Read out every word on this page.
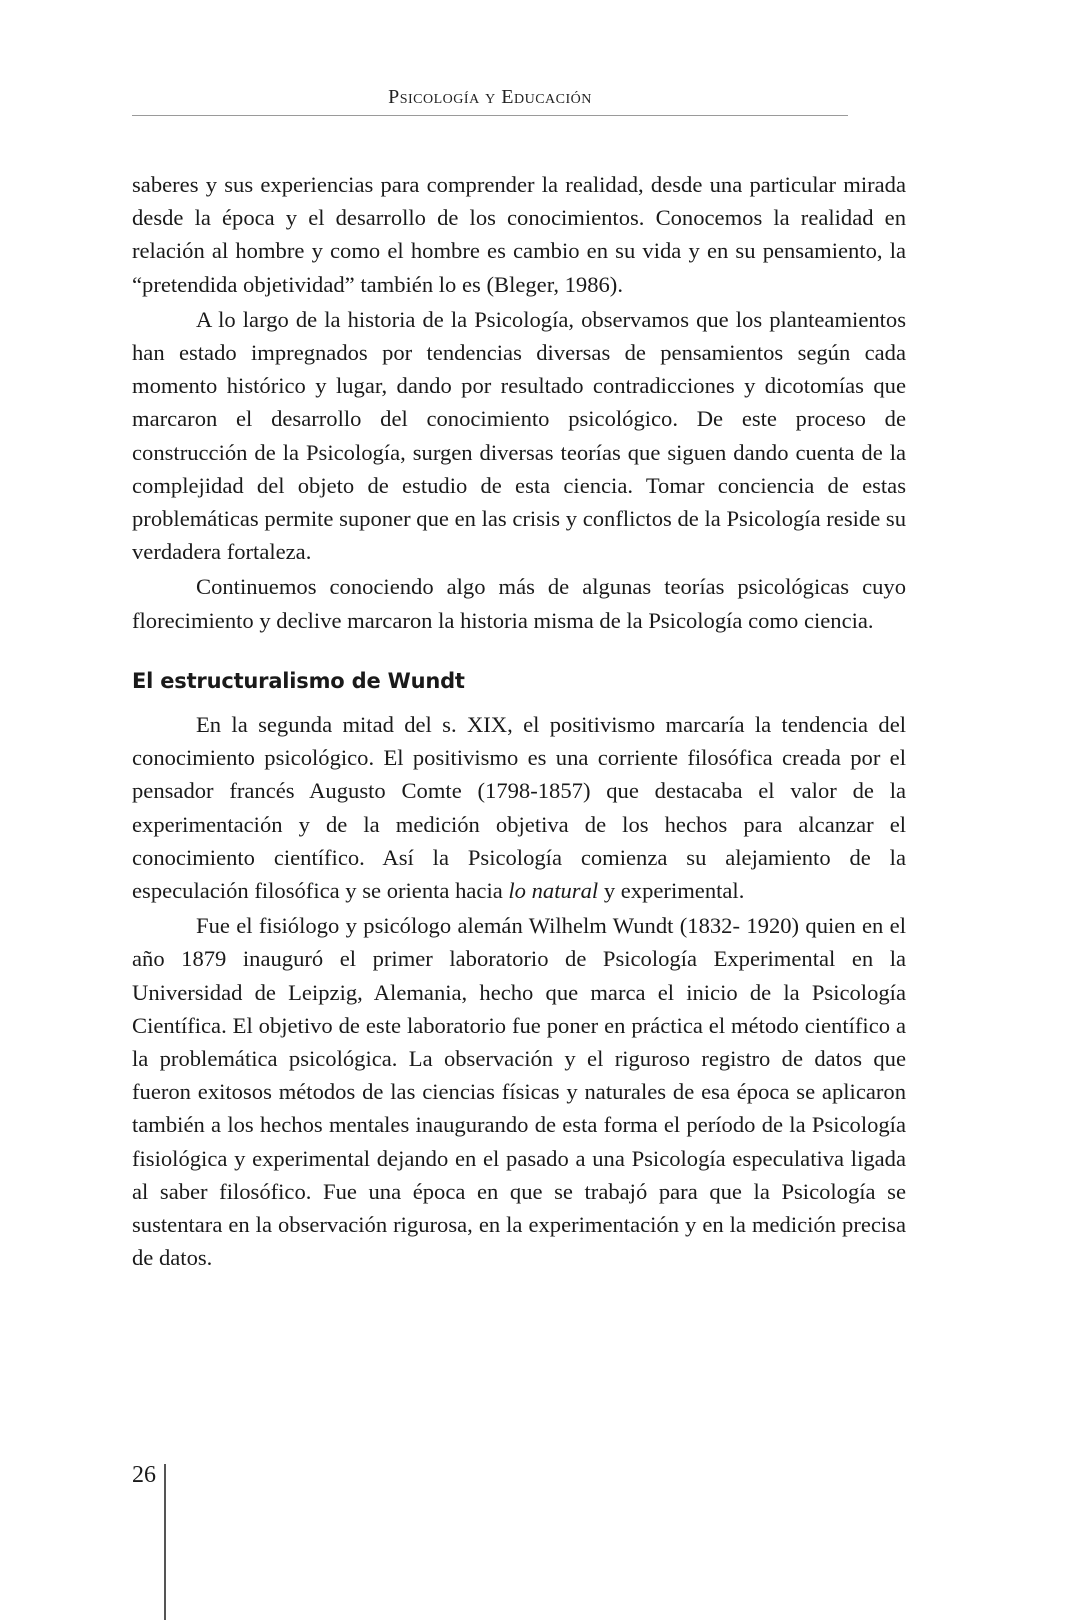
Psicología y Educación

saberes y sus experiencias para comprender la realidad, desde una particular mirada desde la época y el desarrollo de los conocimientos. Conocemos la realidad en relación al hombre y como el hombre es cambio en su vida y en su pensamiento, la “pretendida objetividad” también lo es (Bleger, 1986).

A lo largo de la historia de la Psicología, observamos que los planteamientos han estado impregnados por tendencias diversas de pensamientos según cada momento histórico y lugar, dando por resultado contradicciones y dicotomías que marcaron el desarrollo del conocimiento psicológico. De este proceso de construcción de la Psicología, surgen diversas teorías que siguen dando cuenta de la complejidad del objeto de estudio de esta ciencia. Tomar conciencia de estas problemáticas permite suponer que en las crisis y conflictos de la Psicología reside su verdadera fortaleza.

Continuemos conociendo algo más de algunas teorías psicológicas cuyo florecimiento y declive marcaron la historia misma de la Psicología como ciencia.

El estructuralismo de Wundt

En la segunda mitad del s. XIX, el positivismo marcaría la tendencia del conocimiento psicológico. El positivismo es una corriente filosófica creada por el pensador francés Augusto Comte (1798-1857) que destacaba el valor de la experimentación y de la medición objetiva de los hechos para alcanzar el conocimiento científico. Así la Psicología comienza su alejamiento de la especulación filosófica y se orienta hacia lo natural y experimental.

Fue el fisiólogo y psicólogo alemán Wilhelm Wundt (1832- 1920) quien en el año 1879 inauguró el primer laboratorio de Psicología Experimental en la Universidad de Leipzig, Alemania, hecho que marca el inicio de la Psicología Científica. El objetivo de este laboratorio fue poner en práctica el método científico a la problemática psicológica. La observación y el riguroso registro de datos que fueron exitosos métodos de las ciencias físicas y naturales de esa época se aplicaron también a los hechos mentales inaugurando de esta forma el período de la Psicología fisiológica y experimental dejando en el pasado a una Psicología especulativa ligada al saber filosófico. Fue una época en que se trabajó para que la Psicología se sustentara en la observación rigurosa, en la experimentación y en la medición precisa de datos.

26
